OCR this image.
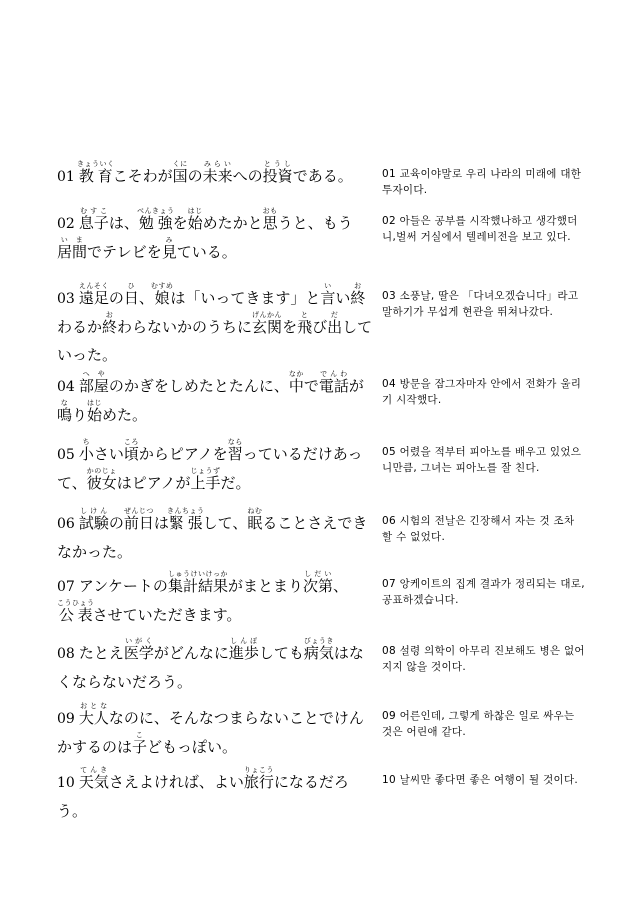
01 教育きょういくこそわが国くにの未来みらいへの投資とうしである。	01 교육이야말로 우리 나라의 미래에 대한 투자이다.

02 息子むすこは、勉強べんきょうを始はじめたかと思おもうと、もう居間いまでテレビを見みている。

02 아들은 공부를 시작했나하고 생각했더니,벌써 거실에서 텔레비전을 보고 있다.

03 遠足えんそくの日ひ、娘むすめは「いってきます」と言いい終おわるか終おわらないかのうちに玄関げんかんを飛とび出だしていった。

03 소풍날, 딸은 「다녀오겠습니다」라고 말하기가 무섭게 현관을 뛰쳐나갔다.

04 部屋へやのかぎをしめたとたんに、中なかで電話でんわが鳴なり始はじめた。

04 방문을 잠그자마자 안에서 전화가 울리기 시작했다.

05 小ちさい頃ころからピアノを習ならっているだけあって、彼女かのじょはピアノが上手じょうずだ。

05 어렸을 적부터 피아노를 배우고 있었으니만큼, 그녀는 피아노를 잘 친다.

06 試験しけんの前日ぜんじつは緊張きんちょうして、眠ねむることさえできなかった。

06 시험의 전날은 긴장해서 자는 것 조차 할 수 없었다.

07 アンケートの集計結果しゅうけいけっかがまとまり次第しだい、公表こうひょうさせていただきます。

07 앙케이트의 집계 결과가 정리되는 대로, 공표하겠습니다.

08 たとえ医学いがくがどんなに進歩しんぽしても病気びょうきはなくならないだろう。

08 설령 의학이 아무리 진보해도 병은 없어지지 않을 것이다.

09 大人おとななのに、そんなつまらないことでけんかするのは子こどもっぽい。

09 어른인데, 그렇게 하찮은 일로 싸우는 것은 어린애 같다.

10 天気てんきさえよければ、よい旅行りょこうになるだろう。

10 날씨만 좋다면 좋은 여행이 될 것이다.
